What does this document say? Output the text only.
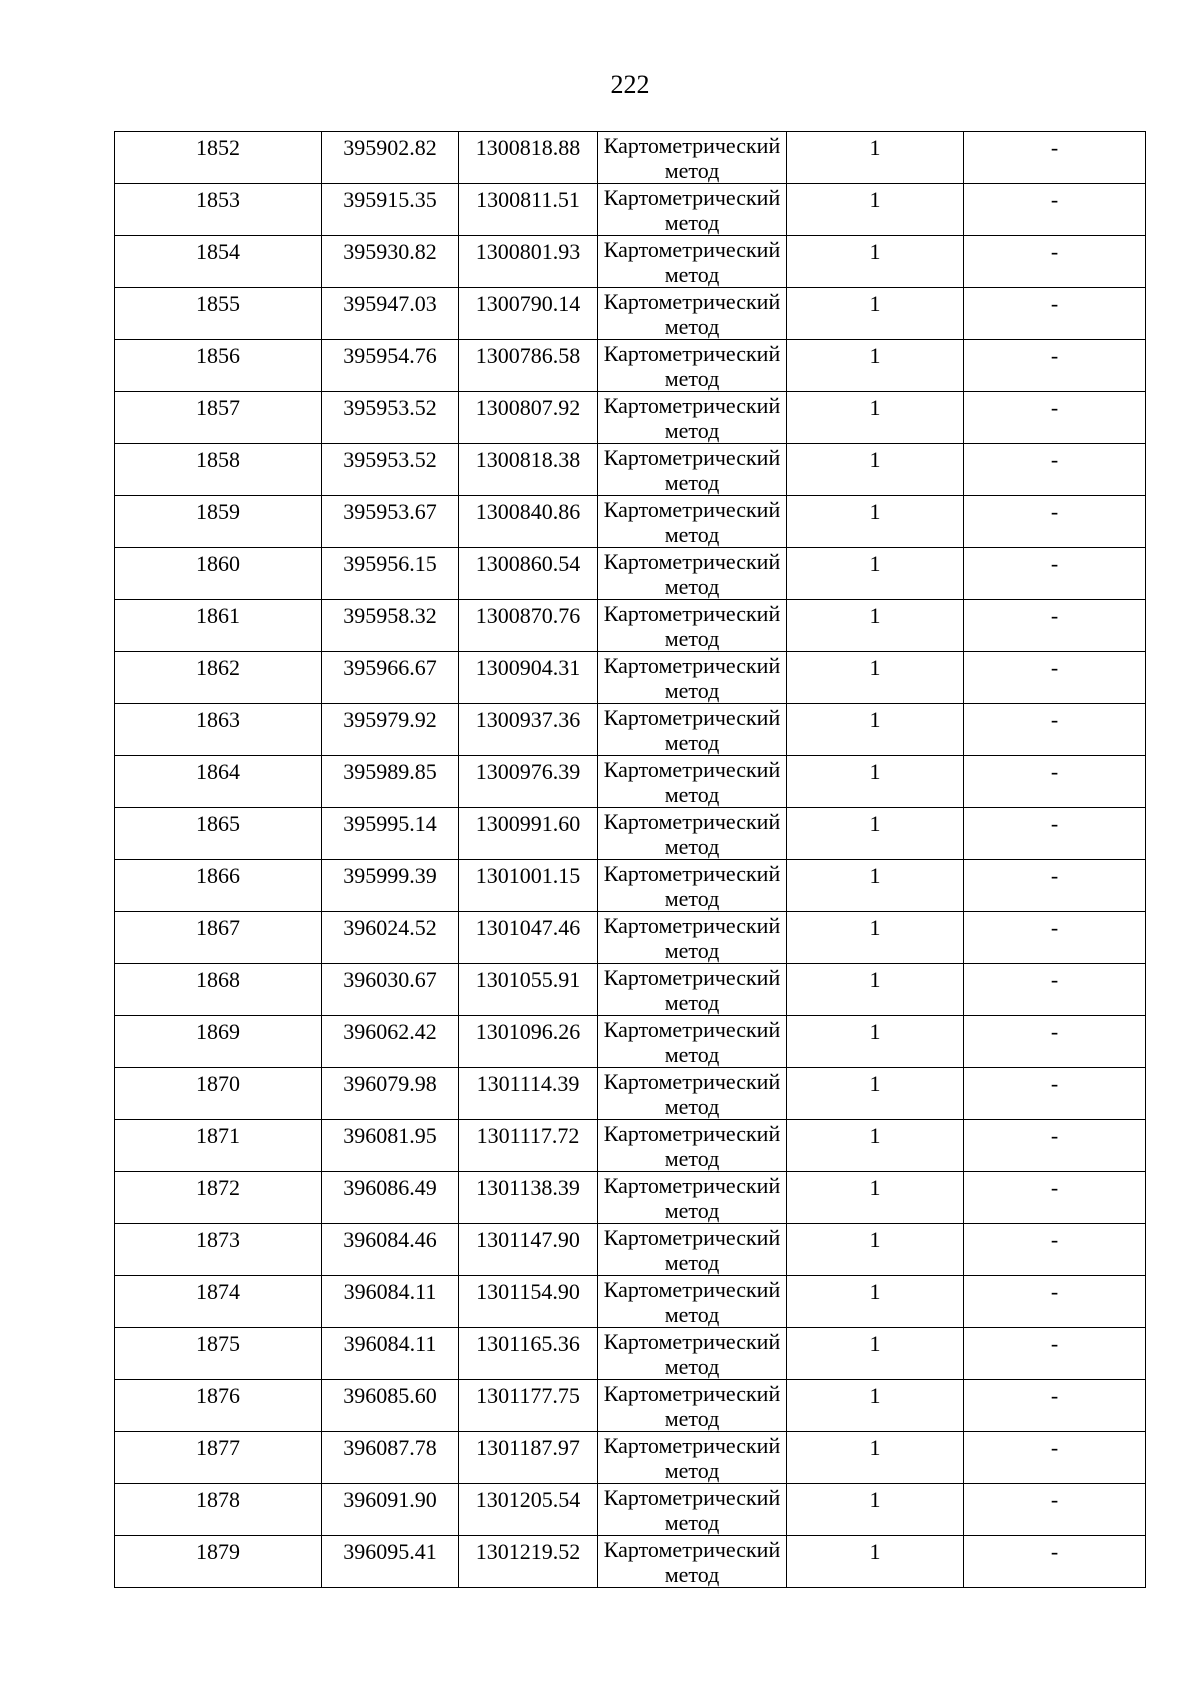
222
1852	395902.82	1300818.88	Картометрический метод	1	-
1853	395915.35	1300811.51	Картометрический метод	1	-
1854	395930.82	1300801.93	Картометрический метод	1	-
1855	395947.03	1300790.14	Картометрический метод	1	-
1856	395954.76	1300786.58	Картометрический метод	1	-
1857	395953.52	1300807.92	Картометрический метод	1	-
1858	395953.52	1300818.38	Картометрический метод	1	-
1859	395953.67	1300840.86	Картометрический метод	1	-
1860	395956.15	1300860.54	Картометрический метод	1	-
1861	395958.32	1300870.76	Картометрический метод	1	-
1862	395966.67	1300904.31	Картометрический метод	1	-
1863	395979.92	1300937.36	Картометрический метод	1	-
1864	395989.85	1300976.39	Картометрический метод	1	-
1865	395995.14	1300991.60	Картометрический метод	1	-
1866	395999.39	1301001.15	Картометрический метод	1	-
1867	396024.52	1301047.46	Картометрический метод	1	-
1868	396030.67	1301055.91	Картометрический метод	1	-
1869	396062.42	1301096.26	Картометрический метод	1	-
1870	396079.98	1301114.39	Картометрический метод	1	-
1871	396081.95	1301117.72	Картометрический метод	1	-
1872	396086.49	1301138.39	Картометрический метод	1	-
1873	396084.46	1301147.90	Картометрический метод	1	-
1874	396084.11	1301154.90	Картометрический метод	1	-
1875	396084.11	1301165.36	Картометрический метод	1	-
1876	396085.60	1301177.75	Картометрический метод	1	-
1877	396087.78	1301187.97	Картометрический метод	1	-
1878	396091.90	1301205.54	Картометрический метод	1	-
1879	396095.41	1301219.52	Картометрический метод	1	-
